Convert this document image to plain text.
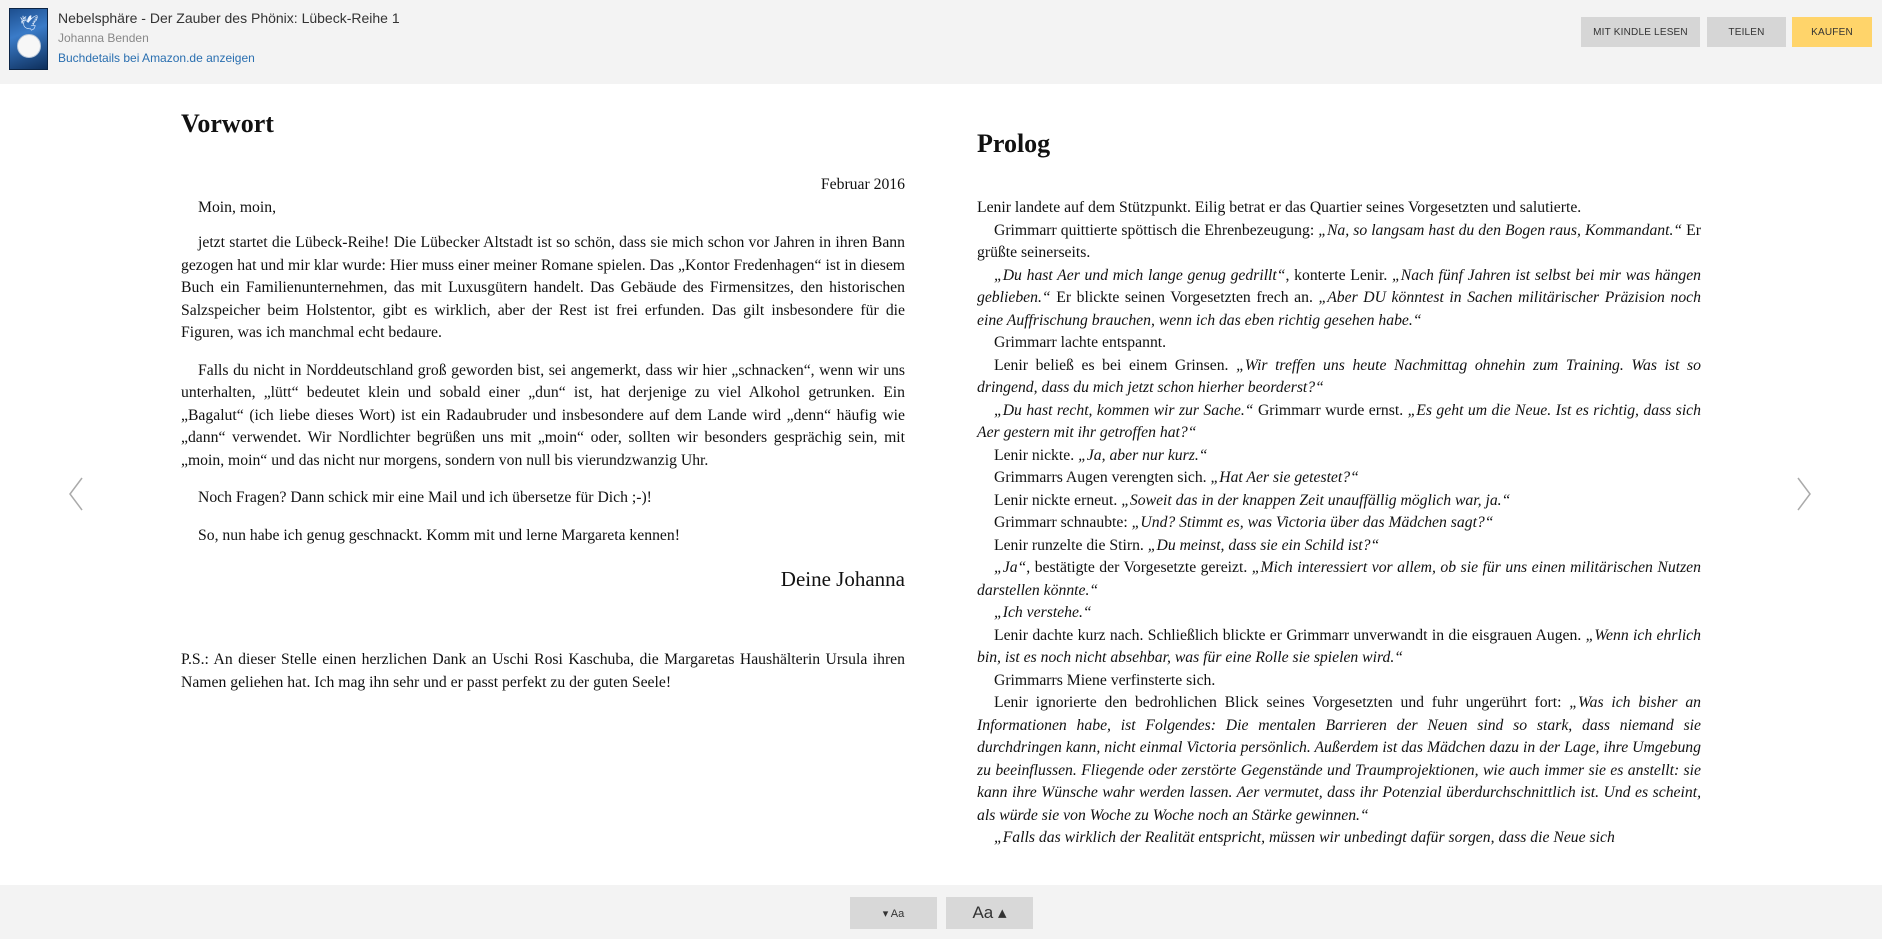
🕊 Nebelsphäre - Der Zauber des Phönix: Lübeck-Reihe 1
Johanna Benden
Buchdetails bei Amazon.de anzeigen
MIT KINDLE LESEN	TEILEN	KAUFEN
Vorwort
Februar 2016
Moin, moin,

jetzt startet die Lübeck-Reihe! Die Lübecker Altstadt ist so schön, dass sie mich schon vor Jahren in ihren Bann gezogen hat und mir klar wurde: Hier muss einer meiner Romane spielen. Das „Kontor Fredenhagen“ ist in diesem Buch ein Familienunternehmen, das mit Luxusgütern handelt. Das Gebäude des Firmensitzes, den historischen Salzspeicher beim Holstentor, gibt es wirklich, aber der Rest ist frei erfunden. Das gilt insbesondere für die Figuren, was ich manchmal echt bedaure.

Falls du nicht in Norddeutschland groß geworden bist, sei angemerkt, dass wir hier „schnacken“, wenn wir uns unterhalten, „lütt“ bedeutet klein und sobald einer „dun“ ist, hat derjenige zu viel Alkohol getrunken. Ein „Bagalut“ (ich liebe dieses Wort) ist ein Radaubruder und insbesondere auf dem Lande wird „denn“ häufig wie „dann“ verwendet. Wir Nordlichter begrüßen uns mit „moin“ oder, sollten wir besonders gesprächig sein, mit „moin, moin“ und das nicht nur morgens, sondern von null bis vierundzwanzig Uhr.

Noch Fragen? Dann schick mir eine Mail und ich übersetze für Dich ;-)!

So, nun habe ich genug geschnackt. Komm mit und lerne Margareta kennen!

Deine Johanna

P.S.: An dieser Stelle einen herzlichen Dank an Uschi Rosi Kaschuba, die Margaretas Haushälterin Ursula ihren Namen geliehen hat. Ich mag ihn sehr und er passt perfekt zu der guten Seele!

Prolog

Lenir landete auf dem Stützpunkt. Eilig betrat er das Quartier seines Vorgesetzten und salutierte.

Grimmarr quittierte spöttisch die Ehrenbezeugung: „Na, so langsam hast du den Bogen raus, Kommandant.“ Er grüßte seinerseits.

„Du hast Aer und mich lange genug gedrillt“, konterte Lenir. „Nach fünf Jahren ist selbst bei mir was hängen geblieben.“ Er blickte seinen Vorgesetzten frech an. „Aber DU könntest in Sachen militärischer Präzision noch eine Auffrischung brauchen, wenn ich das eben richtig gesehen habe.“

Grimmarr lachte entspannt.

Lenir beließ es bei einem Grinsen. „Wir treffen uns heute Nachmittag ohnehin zum Training. Was ist so dringend, dass du mich jetzt schon hierher beorderst?“

„Du hast recht, kommen wir zur Sache.“ Grimmarr wurde ernst. „Es geht um die Neue. Ist es richtig, dass sich Aer gestern mit ihr getroffen hat?“

Lenir nickte. „Ja, aber nur kurz.“

Grimmarrs Augen verengten sich. „Hat Aer sie getestet?“

Lenir nickte erneut. „Soweit das in der knappen Zeit unauffällig möglich war, ja.“

Grimmarr schnaubte: „Und? Stimmt es, was Victoria über das Mädchen sagt?“

Lenir runzelte die Stirn. „Du meinst, dass sie ein Schild ist?“

„Ja“, bestätigte der Vorgesetzte gereizt. „Mich interessiert vor allem, ob sie für uns einen militärischen Nutzen darstellen könnte.“

„Ich verstehe.“

Lenir dachte kurz nach. Schließlich blickte er Grimmarr unverwandt in die eisgrauen Augen. „Wenn ich ehrlich bin, ist es noch nicht absehbar, was für eine Rolle sie spielen wird.“

Grimmarrs Miene verfinsterte sich.

Lenir ignorierte den bedrohlichen Blick seines Vorgesetzten und fuhr ungerührt fort: „Was ich bisher an Informationen habe, ist Folgendes: Die mentalen Barrieren der Neuen sind so stark, dass niemand sie durchdringen kann, nicht einmal Victoria persönlich. Außerdem ist das Mädchen dazu in der Lage, ihre Umgebung zu beeinflussen. Fliegende oder zerstörte Gegenstände und Traumprojektionen, wie auch immer sie es anstellt: sie kann ihre Wünsche wahr werden lassen. Aer vermutet, dass ihr Potenzial überdurchschnittlich ist. Und es scheint, als würde sie von Woche zu Woche noch an Stärke gewinnen.“

„Falls das wirklich der Realität entspricht, müssen wir unbedingt dafür sorgen, dass die Neue sich

▾ Aa	Aa ▴
